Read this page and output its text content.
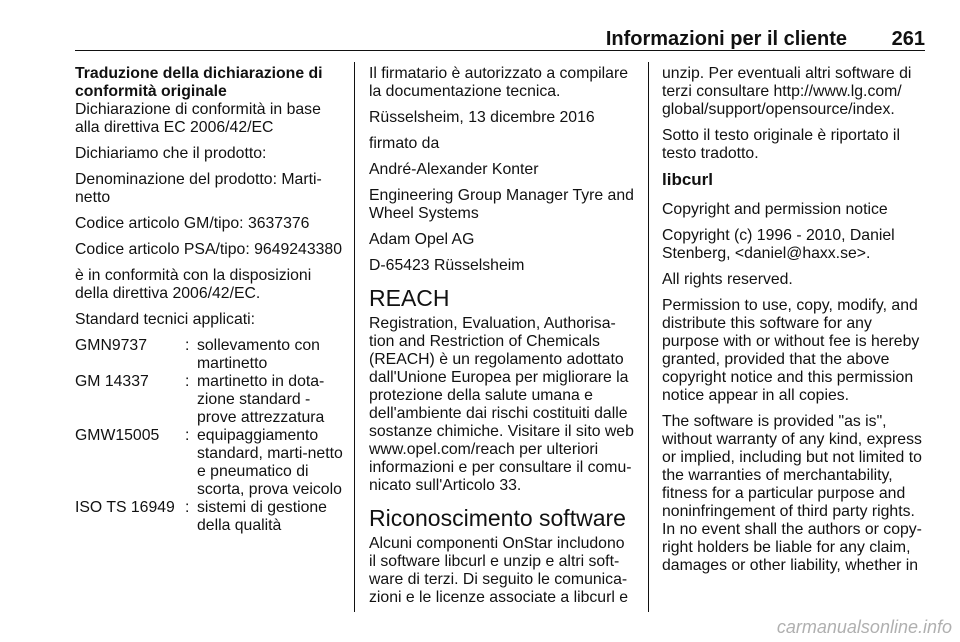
Informazioni per il cliente 261
Traduzione della dichiarazione di
conformità originale

Dichiarazione di conformità in base alla direttiva EC 2006/42/EC

Dichiariamo che il prodotto:

Denominazione del prodotto: Marti-netto

Codice articolo GM/tipo: 3637376

Codice articolo PSA/tipo: 9649243380

è in conformità con la disposizioni della direttiva 2006/42/EC.

Standard tecnici applicati:

GMN9737	: sollevamento con martinetto
GM 14337	: martinetto in dota-zione standard - prove attrezzatura
GMW15005	: equipaggiamento standard, marti-netto e pneumatico di scorta, prova veicolo
ISO TS 16949 : sistemi di gestione della qualità

Il firmatario è autorizzato a compilare la documentazione tecnica.

Rüsselsheim, 13 dicembre 2016

firmato da

André-Alexander Konter

Engineering Group Manager Tyre and Wheel Systems

Adam Opel AG

D-65423 Rüsselsheim

REACH

Registration, Evaluation, Authorisa-tion and Restriction of Chemicals (REACH) è un regolamento adottato dall'Unione Europea per migliorare la protezione della salute umana e dell'ambiente dai rischi costituiti dalle sostanze chimiche. Visitare il sito web www.opel.com/reach per ulteriori informazioni e per consultare il comu-nicato sull'Articolo 33.

Riconoscimento software

Alcuni componenti OnStar includono il software libcurl e unzip e altri soft-ware di terzi. Di seguito le comunica-zioni e le licenze associate a libcurl e

unzip. Per eventuali altri software di terzi consultare http://www.lg.com/ global/support/opensource/index.

Sotto il testo originale è riportato il testo tradotto.

libcurl

Copyright and permission notice

Copyright (c) 1996 - 2010, Daniel Stenberg, <daniel@haxx.se>.

All rights reserved.

Permission to use, copy, modify, and distribute this software for any purpose with or without fee is hereby granted, provided that the above copyright notice and this permission notice appear in all copies.

The software is provided "as is", without warranty of any kind, express or implied, including but not limited to the warranties of merchantability, fitness for a particular purpose and noninfringement of third party rights. In no event shall the authors or copy-right holders be liable for any claim, damages or other liability, whether in

carmanualsonline.info
